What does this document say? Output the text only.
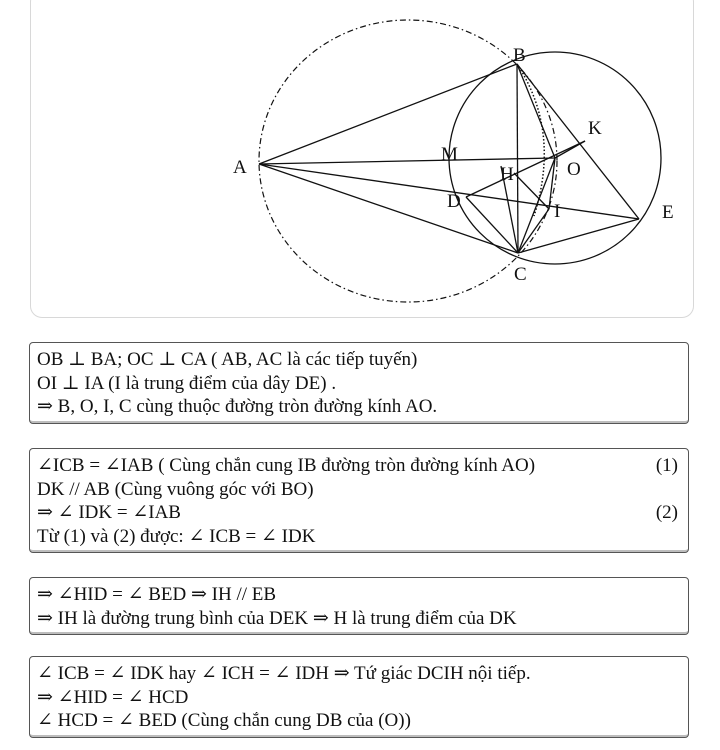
A
B
C
D
E
H
I
K
M
O
OB ⊥ BA; OC ⊥ CA ( AB, AC là các tiếp tuyến)
OI ⊥ IA (I là trung điểm của dây DE) .
⇒ B, O, I, C cùng thuộc đường tròn đường kính AO.
∠ICB = ∠IAB ( Cùng chắn cung IB đường tròn đường kính AO)	(1)
DK // AB (Cùng vuông góc với BO)
⇒ ∠ IDK = ∠IAB	(2)
Từ (1) và (2) được: ∠ ICB = ∠ IDK
⇒ ∠HID = ∠ BED ⇒ IH // EB
⇒ IH là đường trung bình của DEK ⇒ H là trung điểm của DK
∠ ICB = ∠ IDK hay ∠ ICH = ∠ IDH ⇒ Tứ giác DCIH nội tiếp.
⇒ ∠HID = ∠ HCD
∠ HCD = ∠ BED (Cùng chắn cung DB của (O))
